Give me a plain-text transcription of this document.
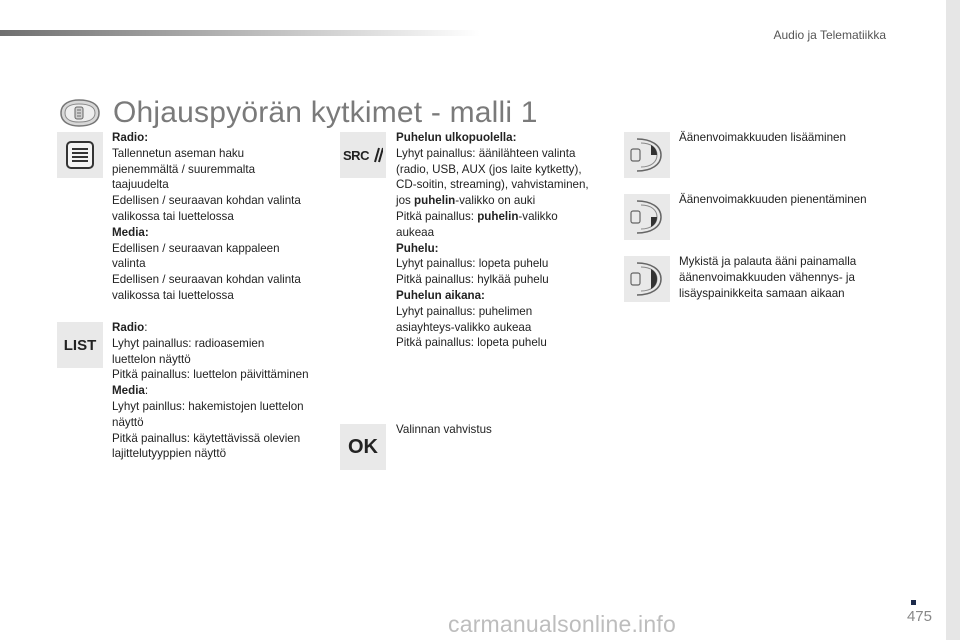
Audio ja Telematiikka
Ohjauspyörän kytkimet - malli 1
Radio:
Tallennetun aseman haku
pienemmältä / suuremmalta
taajuudelta
Edellisen / seuraavan kohdan valinta
valikossa tai luettelossa
Media:
Edellisen / seuraavan kappaleen
valinta
Edellisen / seuraavan kohdan valinta
valikossa tai luettelossa
LIST
Radio:
Lyhyt painallus: radioasemien
luettelon näyttö
Pitkä painallus: luettelon päivittäminen
Media:
Lyhyt painllus: hakemistojen luettelon
näyttö
Pitkä painallus: käytettävissä olevien
lajittelutyyppien näyttö
SRC
Puhelun ulkopuolella:
Lyhyt painallus: äänilähteen valinta
(radio, USB, AUX (jos laite kytketty),
CD-soitin, streaming), vahvistaminen,
jos puhelin-valikko on auki
Pitkä painallus: puhelin-valikko
aukeaa
Puhelu:
Lyhyt painallus: lopeta puhelu
Pitkä painallus: hylkää puhelu
Puhelun aikana:
Lyhyt painallus: puhelimen
asiayhteys-valikko aukeaa
Pitkä painallus: lopeta puhelu
OK
Valinnan vahvistus
Äänenvoimakkuuden lisääminen
Äänenvoimakkuuden pienentäminen
Mykistä ja palauta ääni painamalla
äänenvoimakkuuden vähennys- ja
lisäyspainikkeita samaan aikaan
carmanualsonline.info	475
